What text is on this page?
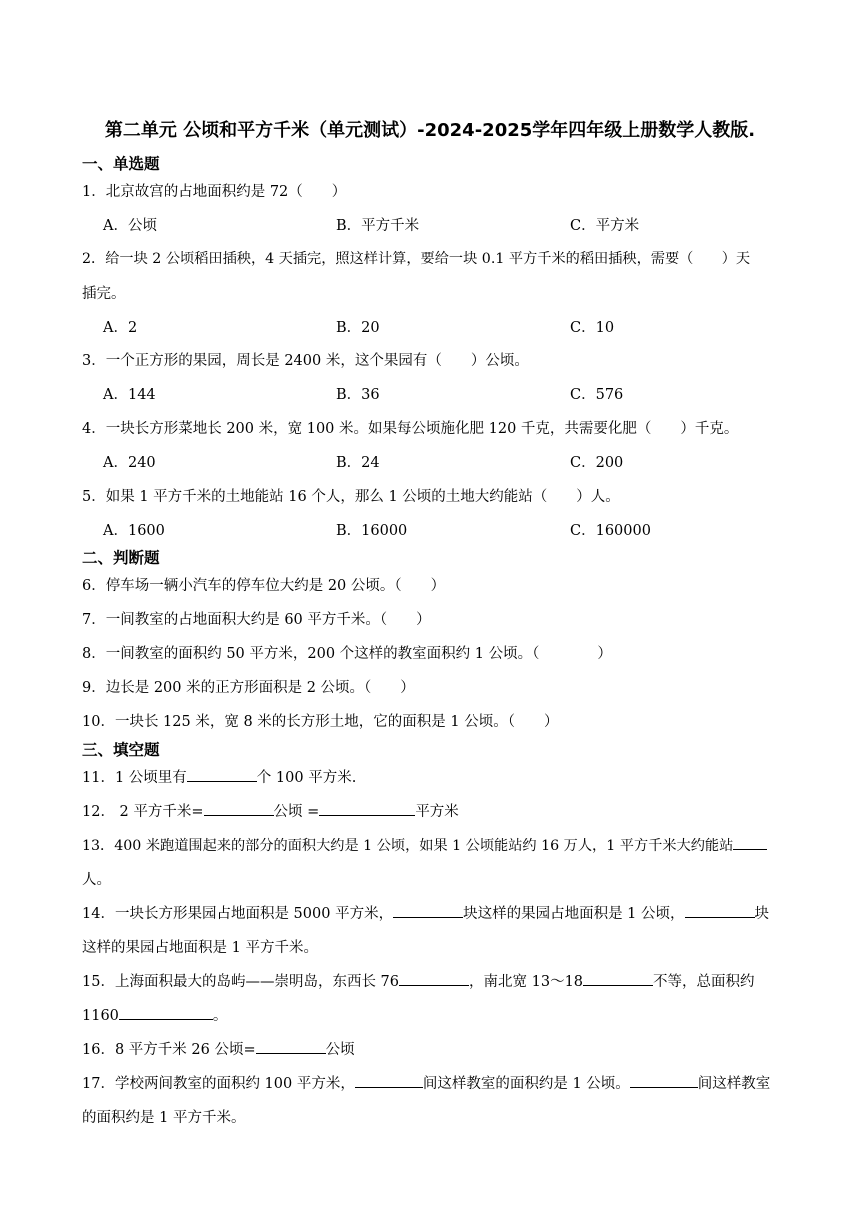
第二单元 公顷和平方千米（单元测试）-2024-2025学年四年级上册数学人教版.
一、单选题
1．北京故宫的占地面积约是 72（　　）
A．公顷	B．平方千米	C．平方米
2．给一块 2 公顷稻田插秧，4 天插完，照这样计算，要给一块 0.1 平方千米的稻田插秧，需要（　　）天
插完。
A．2	B．20	C．10
3．一个正方形的果园，周长是 2400 米，这个果园有（　　）公顷。
A．144	B．36	C．576
4．一块长方形菜地长 200 米，宽 100 米。如果每公顷施化肥 120 千克，共需要化肥（　　）千克。
A．240	B．24	C．200
5．如果 1 平方千米的土地能站 16 个人，那么 1 公顷的土地大约能站（　　）人。
A．1600	B．16000	C．160000
二、判断题
6．停车场一辆小汽车的停车位大约是 20 公顷。（　　）
7．一间教室的占地面积大约是 60 平方千米。（　　）
8．一间教室的面积约 50 平方米，200 个这样的教室面积约 1 公顷。（　　　　）
9．边长是 200 米的正方形面积是 2 公顷。（　　）
10．一块长 125 米，宽 8 米的长方形土地，它的面积是 1 公顷。（　　）
三、填空题
11．1 公顷里有	个 100 平方米.
12． 2 平方千米=	公顷 =	平方米
13．400 米跑道围起来的部分的面积大约是 1 公顷，如果 1 公顷能站约 16 万人，1 平方千米大约能站
人。
14．一块长方形果园占地面积是 5000 平方米，	块这样的果园占地面积是 1 公顷，	块
这样的果园占地面积是 1 平方千米。
15．上海面积最大的岛屿——崇明岛，东西长 76	，南北宽 13～18	不等，总面积约
1160	。
16．8 平方千米 26 公顷=	公顷
17．学校两间教室的面积约 100 平方米，	间这样教室的面积约是 1 公顷。	间这样教室
的面积约是 1 平方千米。
